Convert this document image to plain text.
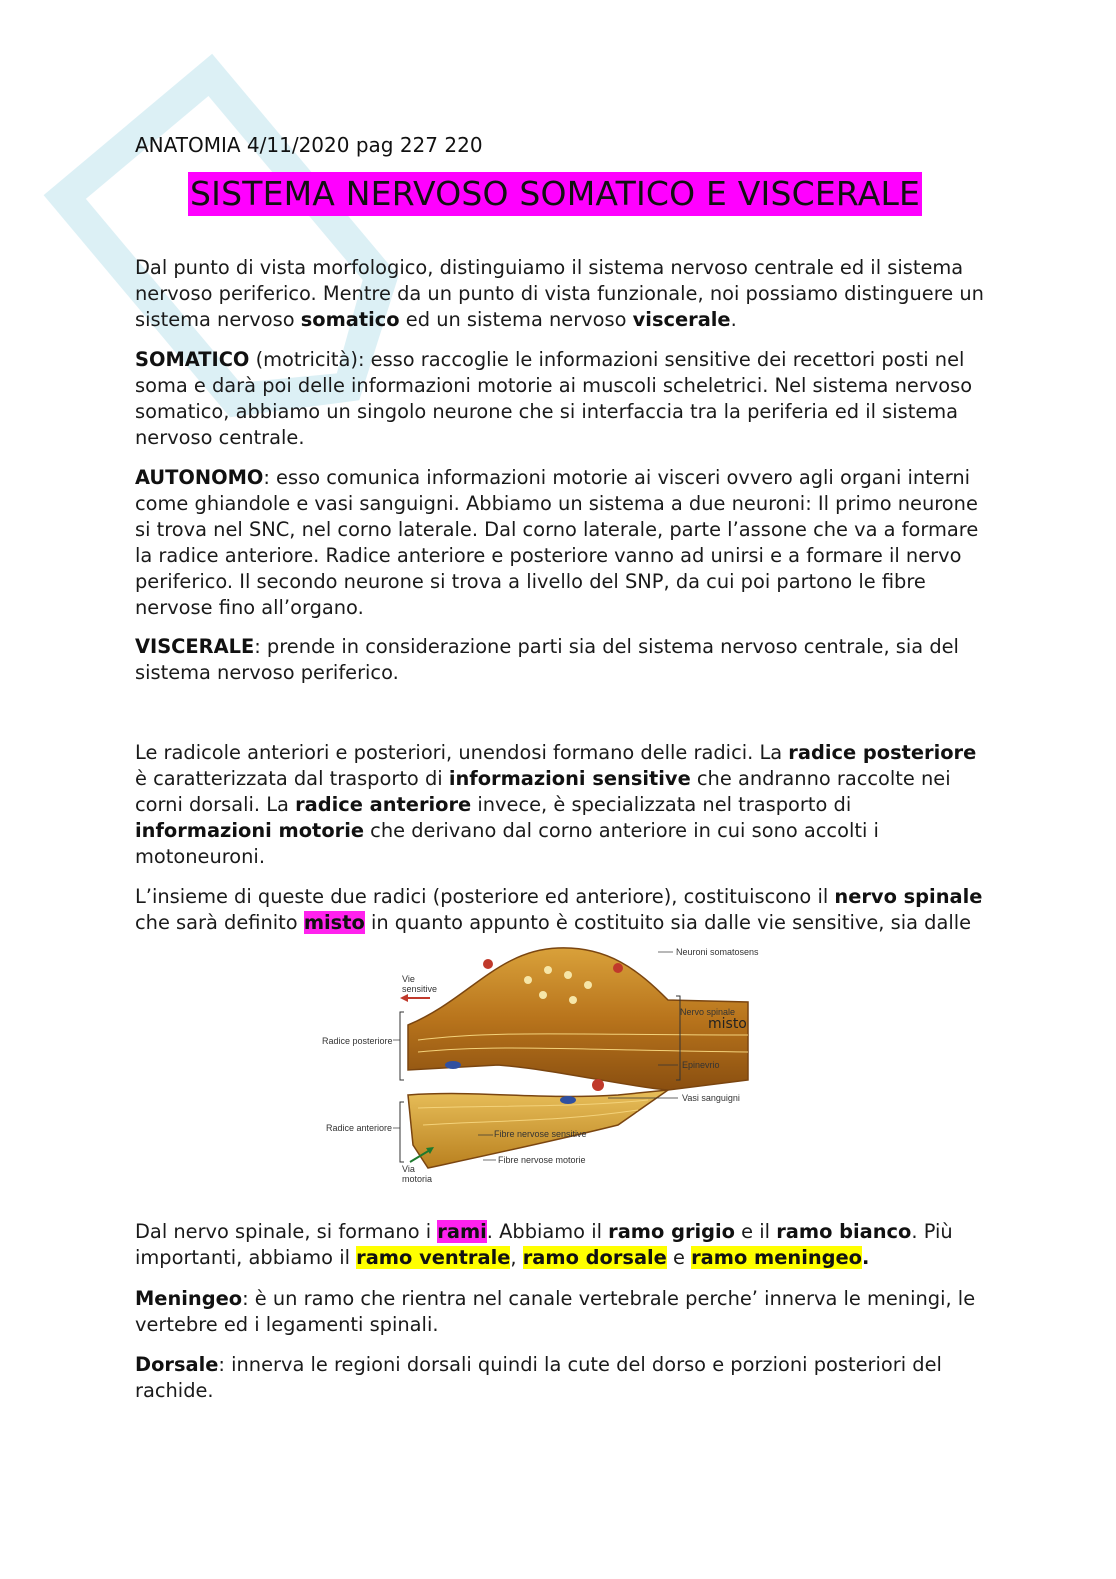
ANATOMIA 4/11/2020 pag 227 220
SISTEMA NERVOSO SOMATICO E VISCERALE

Dal punto di vista morfologico, distinguiamo il sistema nervoso centrale ed il sistema nervoso periferico. Mentre da un punto di vista funzionale, noi possiamo distinguere un sistema nervoso somatico ed un sistema nervoso viscerale.

SOMATICO (motricità): esso raccoglie le informazioni sensitive dei recettori posti nel soma e darà poi delle informazioni motorie ai muscoli scheletrici. Nel sistema nervoso somatico, abbiamo un singolo neurone che si interfaccia tra la periferia ed il sistema nervoso centrale.

AUTONOMO: esso comunica informazioni motorie ai visceri ovvero agli organi interni come ghiandole e vasi sanguigni. Abbiamo un sistema a due neuroni: Il primo neurone si trova nel SNC, nel corno laterale. Dal corno laterale, parte l’assone che va a formare la radice anteriore. Radice anteriore e posteriore vanno ad unirsi e a formare il nervo periferico. Il secondo neurone si trova a livello del SNP, da cui poi partono le fibre nervose fino all’organo.

VISCERALE: prende in considerazione parti sia del sistema nervoso centrale, sia del sistema nervoso periferico.

Le radicole anteriori e posteriori, unendosi formano delle radici. La radice posteriore è caratterizzata dal trasporto di informazioni sensitive che andranno raccolte nei corni dorsali. La radice anteriore invece, è specializzata nel trasporto di informazioni motorie che derivano dal corno anteriore in cui sono accolti i motoneuroni.

L’insieme di queste due radici (posteriore ed anteriore), costituiscono il nervo spinale che sarà definito misto in quanto appunto è costituito sia dalle vie sensitive, sia dalle

Dal nervo spinale, si formano i rami. Abbiamo il ramo grigio e il ramo bianco. Più importanti, abbiamo il ramo ventrale, ramo dorsale e ramo meningeo.

Meningeo: è un ramo che rientra nel canale vertebrale perche’ innerva le meningi, le vertebre ed i legamenti spinali.

Dorsale: innerva le regioni dorsali quindi la cute del dorso e porzioni posteriori del rachide.

Neuroni somatosens
Vie sensitive
Radice posteriore
Nervo spinale
misto
Epinevrio
Vasi sanguigni
Radice anteriore
Fibre nervose sensitive
Fibre nervose motorie
Via motoria
